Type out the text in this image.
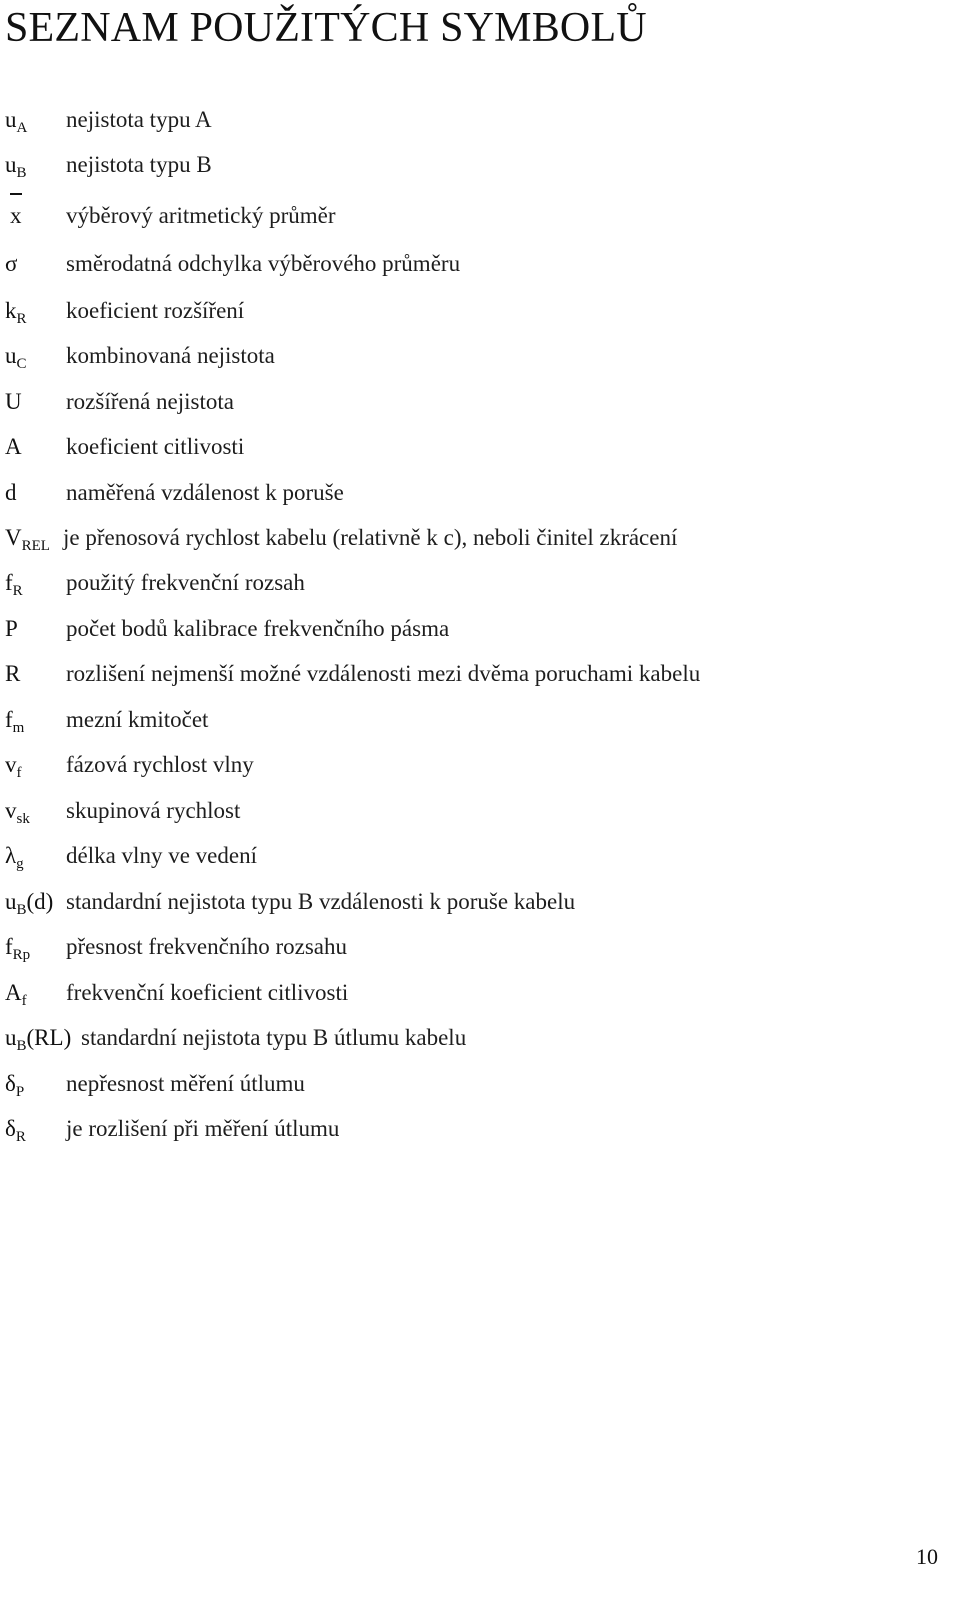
SEZNAM POUŽITÝCH SYMBOLŮ
$u_A$ nejistota typu A
$u_B$ nejistota typu B
x výběrový aritmetický průměr
σ směrodatná odchylka výběrového průměru
$k_R$ koeficient rozšíření
$u_C$ kombinovaná nejistota
U rozšířená nejistota
A koeficient citlivosti
d naměřená vzdálenost k poruše
$V_{REL}$ je přenosová rychlost kabelu (relativně k c), neboli činitel zkrácení
$f_R$ použitý frekvenční rozsah
P počet bodů kalibrace frekvenčního pásma
R rozlišení nejmenší možné vzdálenosti mezi dvěma poruchami kabelu
$f_m$ mezní kmitočet
$v_f$ fázová rychlost vlny
$v_{sk}$ skupinová rychlost
$\lambda_g$ délka vlny ve vedení
$u_B(d)$ standardní nejistota typu B vzdálenosti k poruše kabelu
$f_{Rp}$ přesnost frekvenčního rozsahu
$A_f$ frekvenční koeficient citlivosti
$u_B(RL)$ standardní nejistota typu B útlumu kabelu
$\delta_P$ nepřesnost měření útlumu
$\delta_R$ je rozlišení při měření útlumu
10
